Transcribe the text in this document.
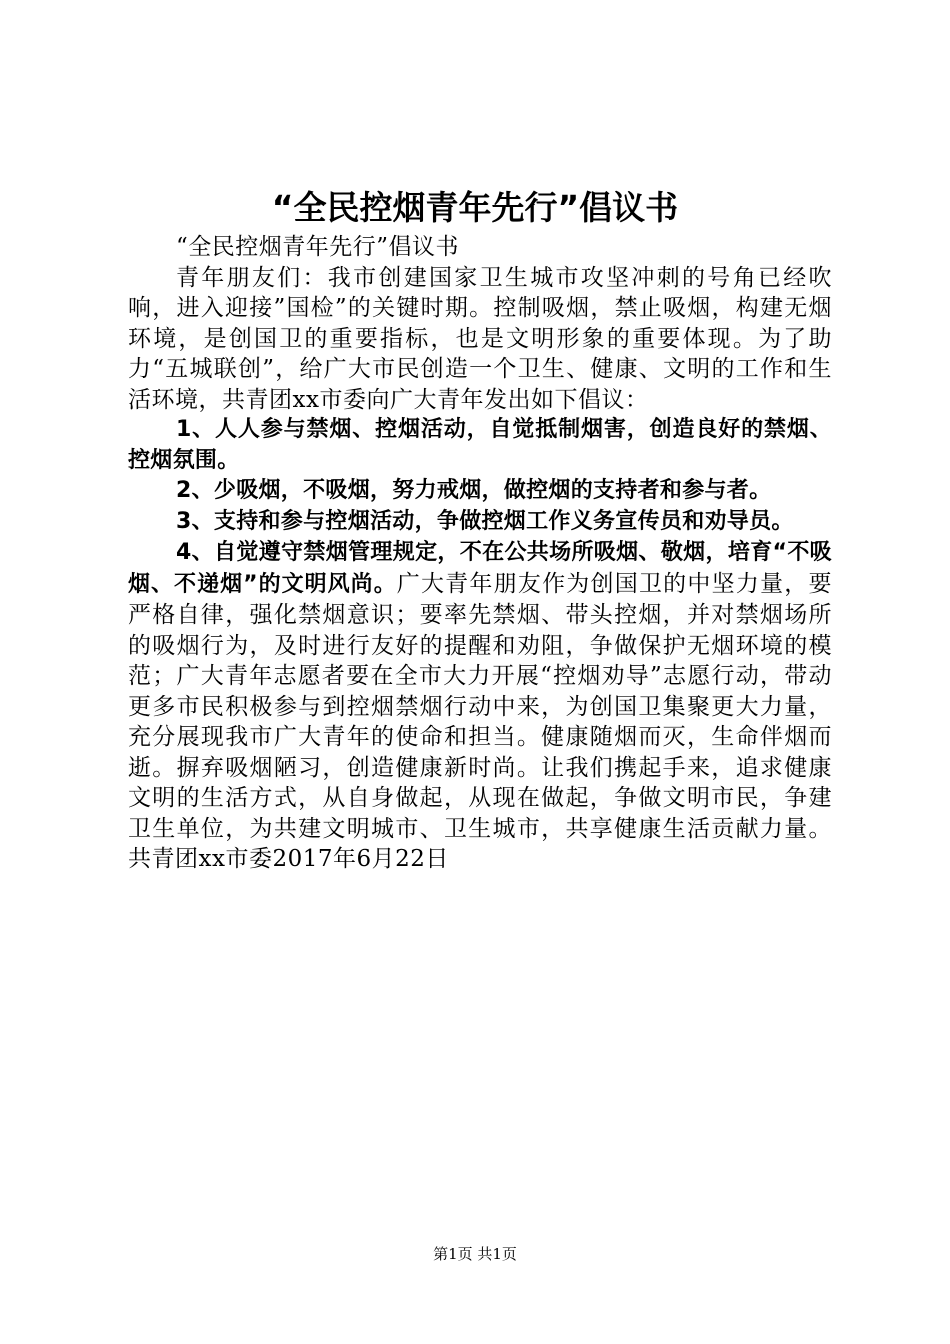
“全民控烟青年先行”倡议书

“全民控烟青年先行”倡议书

青年朋友们：我市创建国家卫生城市攻坚冲刺的号角已经吹响，进入迎接”国检”的关键时期。控制吸烟，禁止吸烟，构建无烟环境，是创国卫的重要指标，也是文明形象的重要体现。为了助力“五城联创”，给广大市民创造一个卫生、健康、文明的工作和生活环境，共青团xx市委向广大青年发出如下倡议：

1、人人参与禁烟、控烟活动，自觉抵制烟害，创造良好的禁烟、控烟氛围。

2、少吸烟，不吸烟，努力戒烟，做控烟的支持者和参与者。

3、支持和参与控烟活动，争做控烟工作义务宣传员和劝导员。

4、自觉遵守禁烟管理规定，不在公共场所吸烟、敬烟，培育“不吸烟、不递烟”的文明风尚。广大青年朋友作为创国卫的中坚力量，要严格自律，强化禁烟意识；要率先禁烟、带头控烟，并对禁烟场所的吸烟行为，及时进行友好的提醒和劝阻，争做保护无烟环境的模范；广大青年志愿者要在全市大力开展“控烟劝导”志愿行动，带动更多市民积极参与到控烟禁烟行动中来，为创国卫集聚更大力量，充分展现我市广大青年的使命和担当。健康随烟而灭，生命伴烟而逝。摒弃吸烟陋习，创造健康新时尚。让我们携起手来，追求健康文明的生活方式，从自身做起，从现在做起，争做文明市民，争建卫生单位，为共建文明城市、卫生城市，共享健康生活贡献力量。共青团xx市委2017年6月22日

第1页 共1页
